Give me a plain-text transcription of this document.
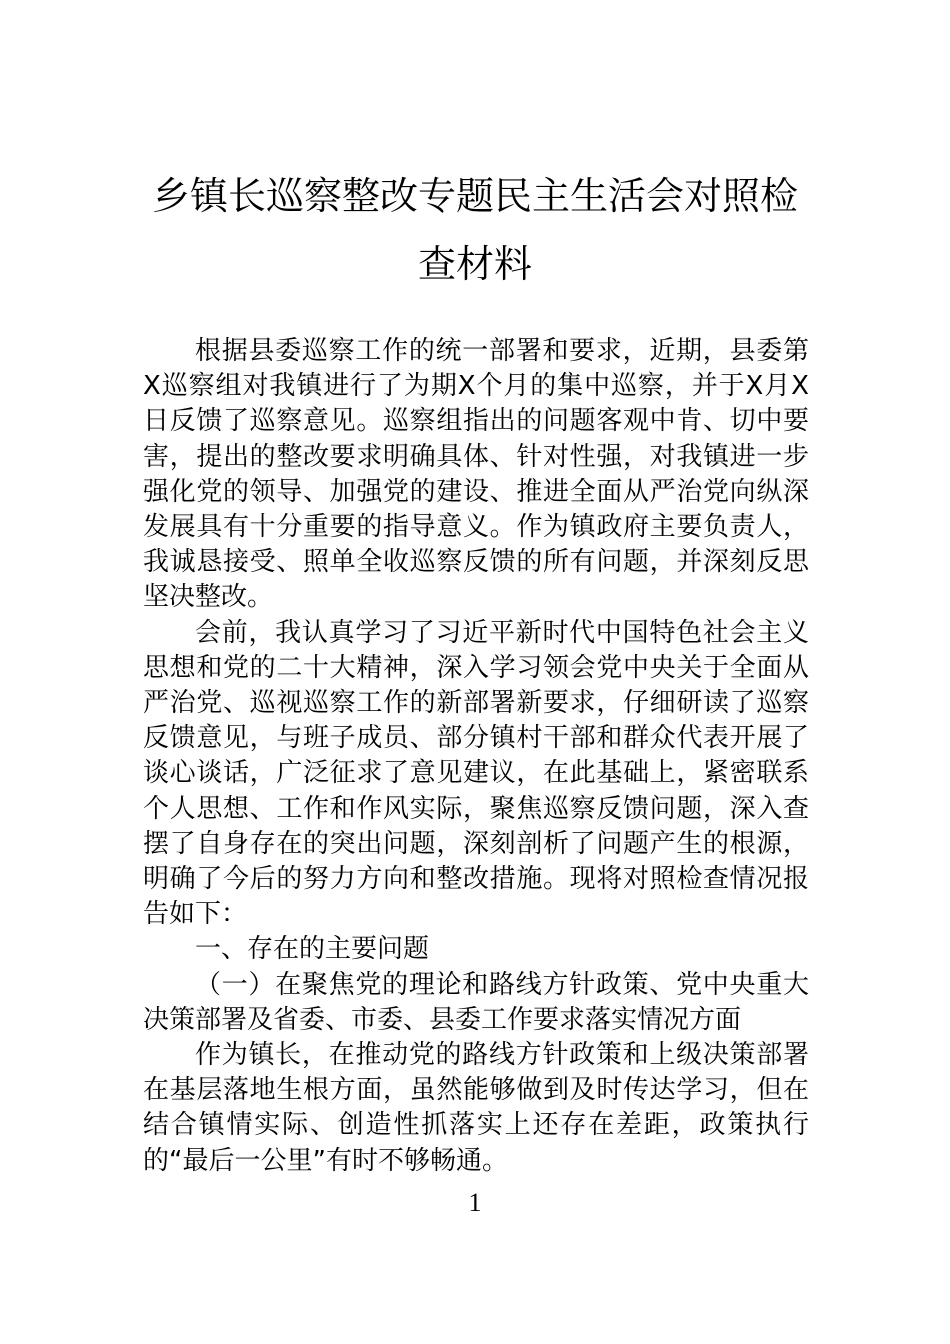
乡镇长巡察整改专题民主生活会对照检查材料

根据县委巡察工作的统一部署和要求，近期，县委第X巡察组对我镇进行了为期X个月的集中巡察，并于X月X日反馈了巡察意见。巡察组指出的问题客观中肯、切中要害，提出的整改要求明确具体、针对性强，对我镇进一步强化党的领导、加强党的建设、推进全面从严治党向纵深发展具有十分重要的指导意义。作为镇政府主要负责人，我诚恳接受、照单全收巡察反馈的所有问题，并深刻反思坚决整改。

会前，我认真学习了习近平新时代中国特色社会主义思想和党的二十大精神，深入学习领会党中央关于全面从严治党、巡视巡察工作的新部署新要求，仔细研读了巡察反馈意见，与班子成员、部分镇村干部和群众代表开展了谈心谈话，广泛征求了意见建议，在此基础上，紧密联系个人思想、工作和作风实际，聚焦巡察反馈问题，深入查摆了自身存在的突出问题，深刻剖析了问题产生的根源，明确了今后的努力方向和整改措施。现将对照检查情况报告如下：

一、存在的主要问题

（一）在聚焦党的理论和路线方针政策、党中央重大决策部署及省委、市委、县委工作要求落实情况方面

作为镇长，在推动党的路线方针政策和上级决策部署在基层落地生根方面，虽然能够做到及时传达学习，但在结合镇情实际、创造性抓落实上还存在差距，政策执行的“最后一公里”有时不够畅通。

1
